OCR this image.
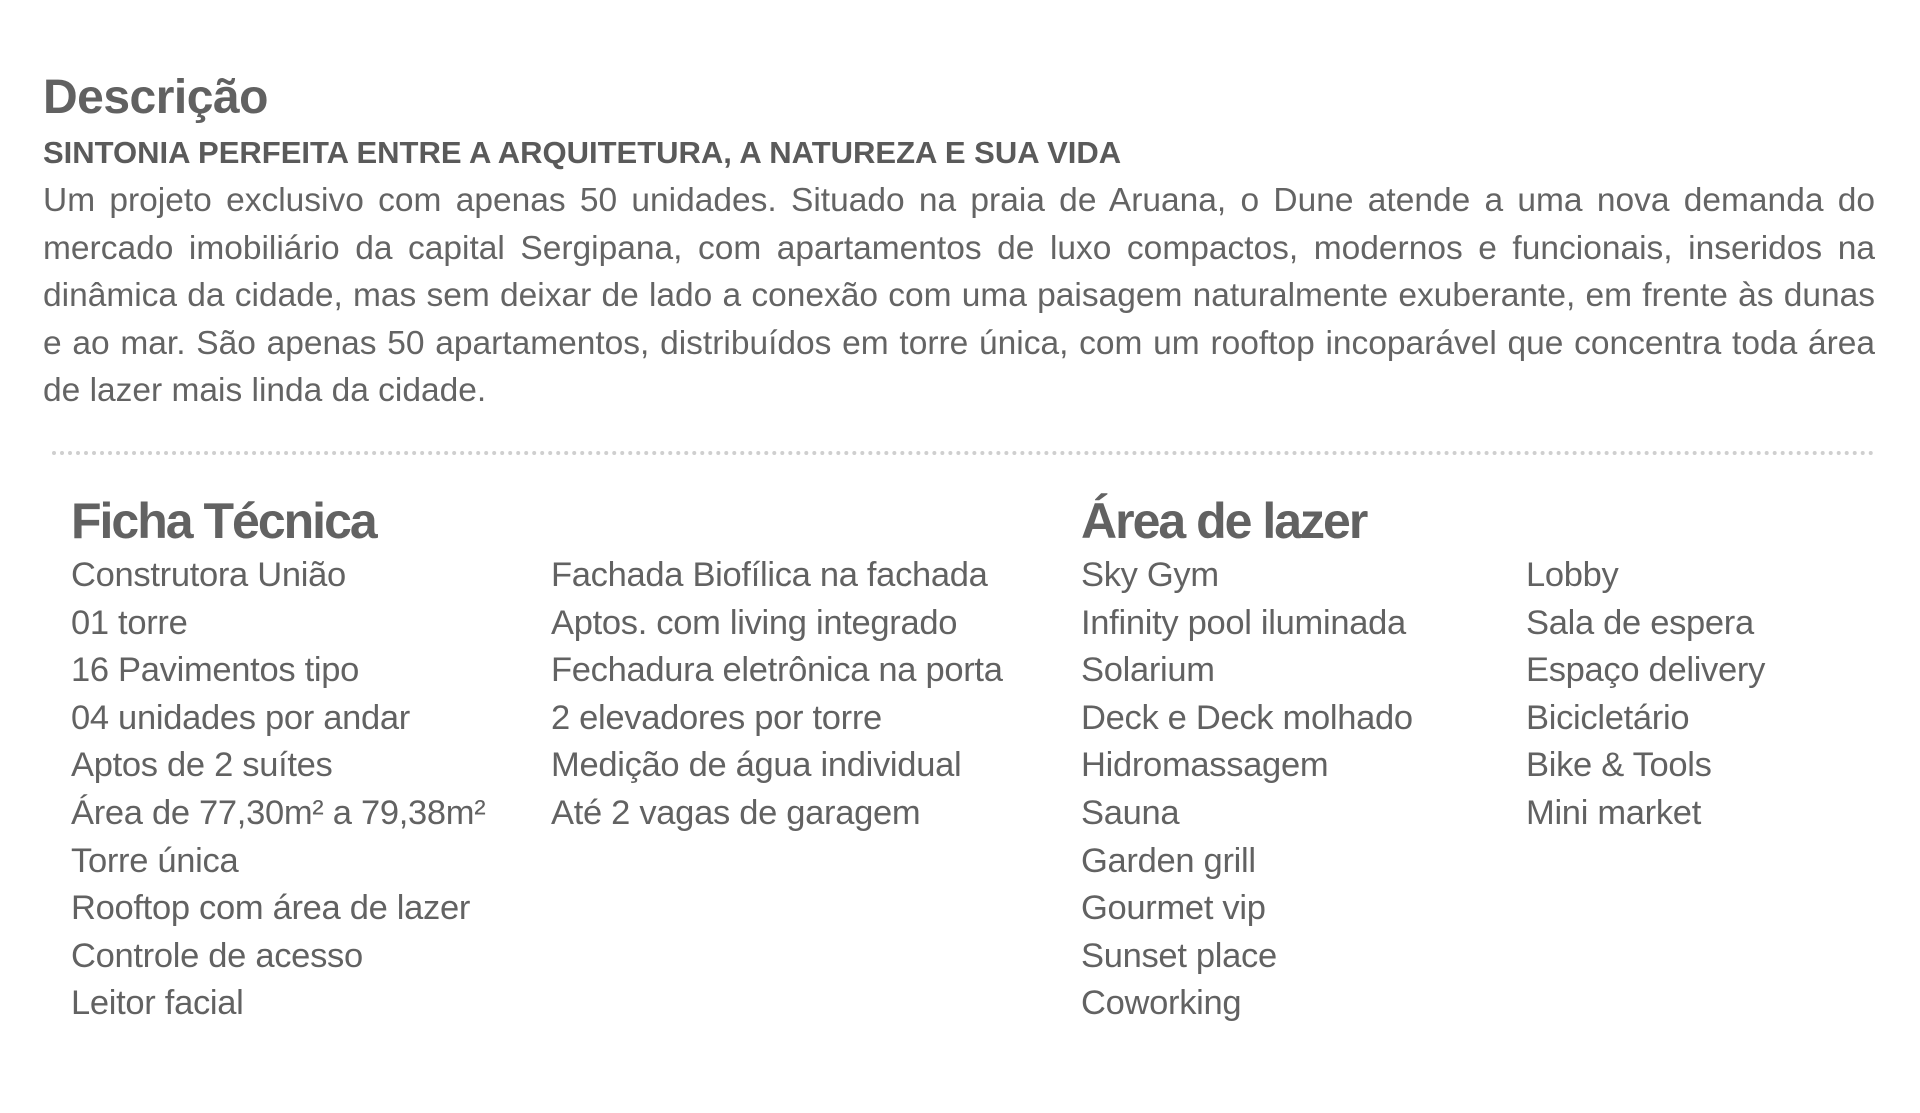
Descrição
SINTONIA PERFEITA ENTRE A ARQUITETURA, A NATUREZA E SUA VIDA

Um projeto exclusivo com apenas 50 unidades. Situado na praia de Aruana, o Dune atende a uma nova demanda do mercado imobiliário da capital Sergipana, com apartamentos de luxo compactos, modernos e funcionais, inseridos na dinâmica da cidade, mas sem deixar de lado a conexão com uma paisagem naturalmente exuberante, em frente às dunas e ao mar. São apenas 50 apartamentos, distribuídos em torre única, com um rooftop incoparável que concentra toda área de lazer mais linda da cidade.

Ficha Técnica
Construtora União
01 torre
16 Pavimentos tipo
04 unidades por andar
Aptos de 2 suítes
Área de 77,30m² a 79,38m²
Torre única
Rooftop com área de lazer
Controle de acesso
Leitor facial
Fachada Biofílica na fachada
Aptos. com living integrado
Fechadura eletrônica na porta
2 elevadores por torre
Medição de água individual
Até 2 vagas de garagem
Área de lazer
Sky Gym
Infinity pool iluminada
Solarium
Deck e Deck molhado
Hidromassagem
Sauna
Garden grill
Gourmet vip
Sunset place
Coworking
Lobby
Sala de espera
Espaço delivery
Bicicletário
Bike & Tools
Mini market
